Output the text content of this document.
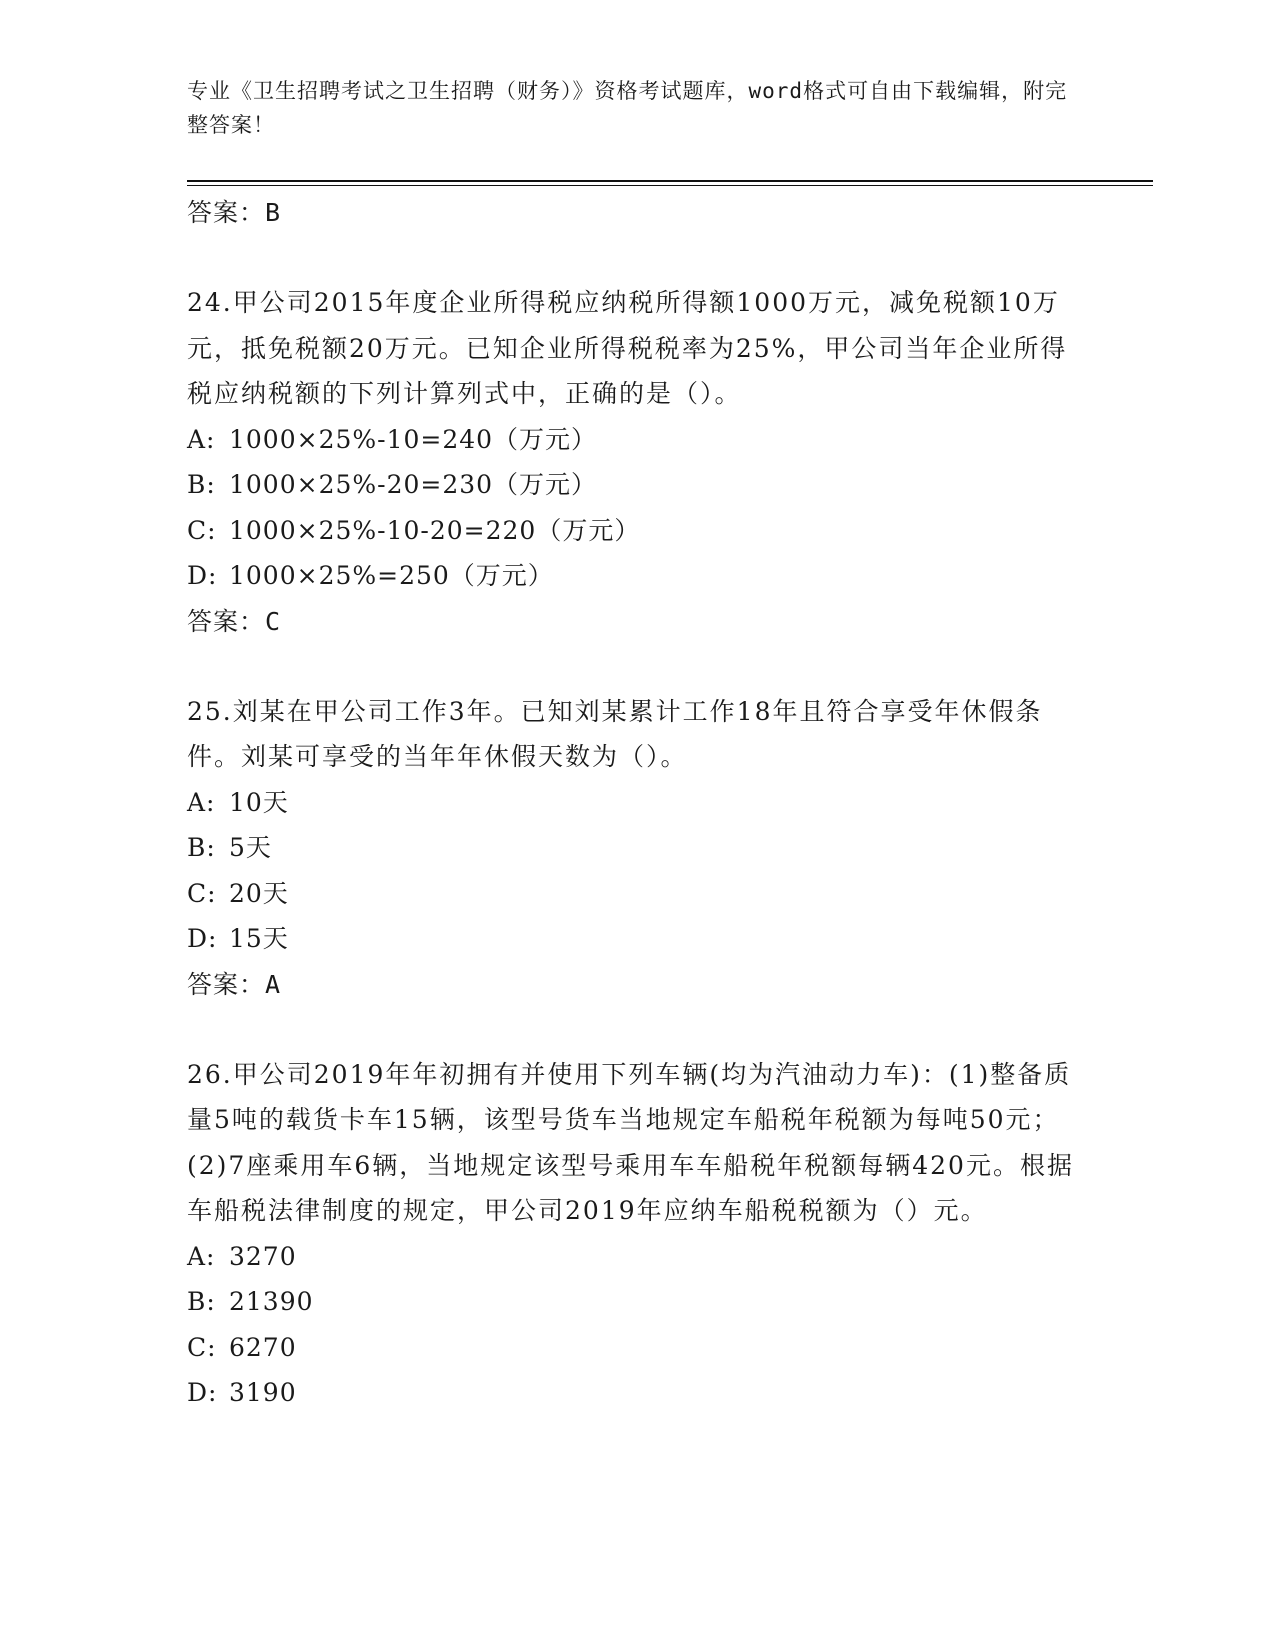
专业《卫生招聘考试之卫生招聘（财务）》资格考试题库，word格式可自由下载编辑，附完整答案！

答案：B

24.甲公司2015年度企业所得税应纳税所得额1000万元，减免税额10万元，抵免税额20万元。已知企业所得税税率为25%，甲公司当年企业所得税应纳税额的下列计算列式中，正确的是（）。

A: 1000×25%-10=240（万元）

B: 1000×25%-20=230（万元）

C: 1000×25%-10-20=220（万元）

D: 1000×25%=250（万元）

答案：C

25.刘某在甲公司工作3年。已知刘某累计工作18年且符合享受年休假条件。刘某可享受的当年年休假天数为（）。

A: 10天

B: 5天

C: 20天

D: 15天

答案：A

26.甲公司2019年年初拥有并使用下列车辆(均为汽油动力车)：(1)整备质量5吨的载货卡车15辆，该型号货车当地规定车船税年税额为每吨50元；(2)7座乘用车6辆，当地规定该型号乘用车车船税年税额每辆420元。根据车船税法律制度的规定，甲公司2019年应纳车船税税额为（）元。

A: 3270

B: 21390

C: 6270

D: 3190
